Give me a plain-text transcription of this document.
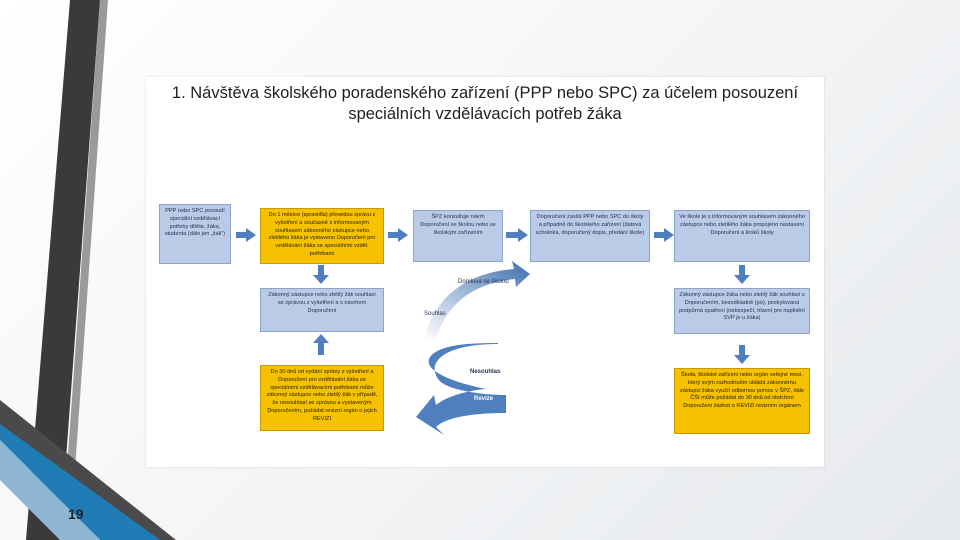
19
1. Návštěva školského poradenského zařízení (PPP nebo SPC) za účelem posouzení
speciálních vzdělávacích potřeb žáka
PPP nebo SPC posoudí speciální vzdělávací potřeby dítěte, žáka, studenta (dále jen „žák“)
Do 1 měsíce (zpravidla) převedou zprávu z vyšetření a současně s informovaným souhlasem zákonného zástupce nebo zletilého žáka je vystaveno Doporučení pro vzdělávání žáka se speciálními vzděl. potřebami
ŠPZ konzultuje návrh Doporučení se školou nebo se školským zařízením
Doporučení zasílá PPP nebo SPC do školy a případně do školského zařízení (datová schránka, doporučený dopis, předání škole)
Ve škole je s informovaným souhlasem zákonného zástupce nebo zletilého žáka propojeno nastavení Doporučení a kroků školy
Zákonný zástupce nebo zletilý žák souhlasí se zprávou z vyšetření a s návrhem Doporučení
Zákonný zástupce žáka nebo zletilý žák souhlasí s Doporučením, bezodkladně (po), poskytovaná podpůrná opatření (nebezpečí, hlavní pro naplnění SVP je u žáka)
Do 30 dnů od vydání zprávy z vyšetření a Doporučení pro vzdělávání žáka se speciálními vzdělávacími potřebami může zákonný zástupce nebo zletilý žák v případě, že nesouhlasí se zprávou a vystaveným Doporučením, požádat revizní orgán o jejich REVIZI
Škola, školské zařízení nebo orgán veřejné moci, který svým rozhodnutím ukládá zákonnému zástupci žáka využít odbornou pomoc v ŠPZ, dále ČŠI může požádat do 30 dnů od obdržení Doporučení žádost o REVIZI revizním orgánem
Domluva se školou
Souhlas
Nesouhlas
Revize
